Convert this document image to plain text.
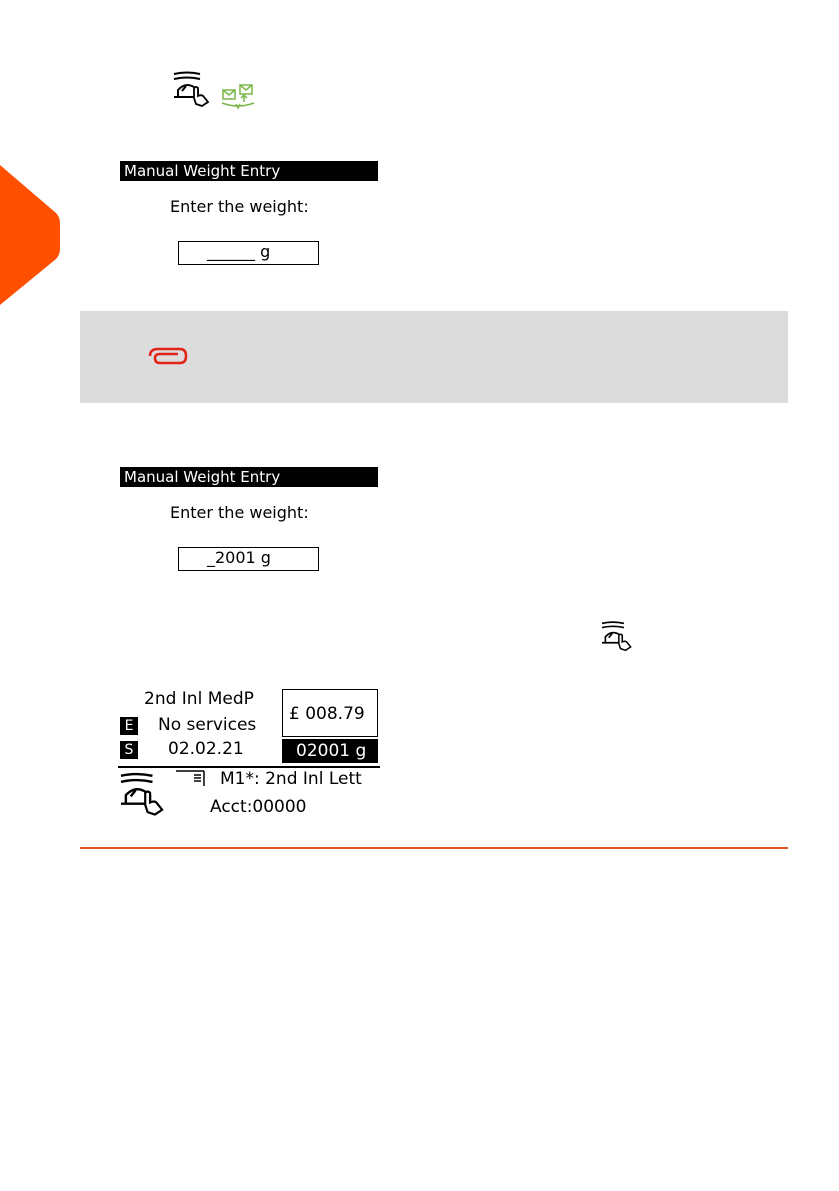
Manual Weight Entry
Enter the weight:
______ g
Manual Weight Entry
Enter the weight:
_2001 g
2nd Inl MedP
E No services
S 02.02.21
£ 008.79
02001 g
M1*: 2nd Inl Lett
Acct:00000
